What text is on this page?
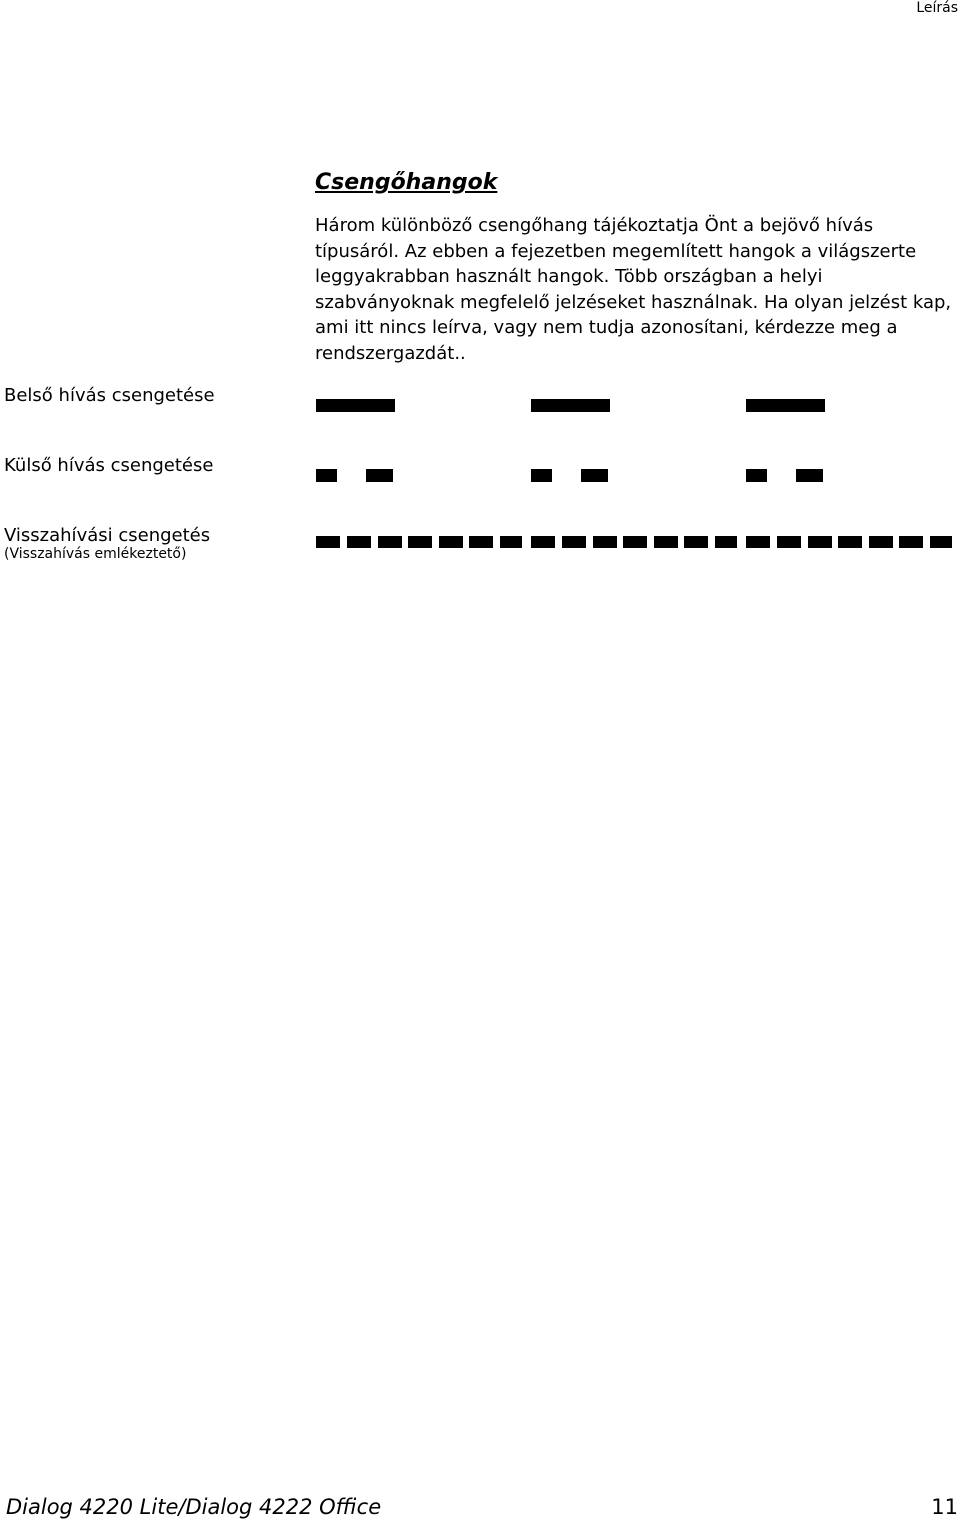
Leírás
Csengőhangok

Három különböző csengőhang tájékoztatja Önt a bejövő hívás típusáról. Az ebben a fejezetben megemlített hangok a világszerte leggyakrabban használt hangok. Több országban a helyi szabványoknak megfelelő jelzéseket használnak. Ha olyan jelzést kap, ami itt nincs leírva, vagy nem tudja azonosítani, kérdezze meg a rendszergazdát..

Belső hívás csengetése
Külső hívás csengetése
Visszahívási csengetés
(Visszahívás emlékeztető)
Dialog 4220 Lite/Dialog 4222 Office	11
